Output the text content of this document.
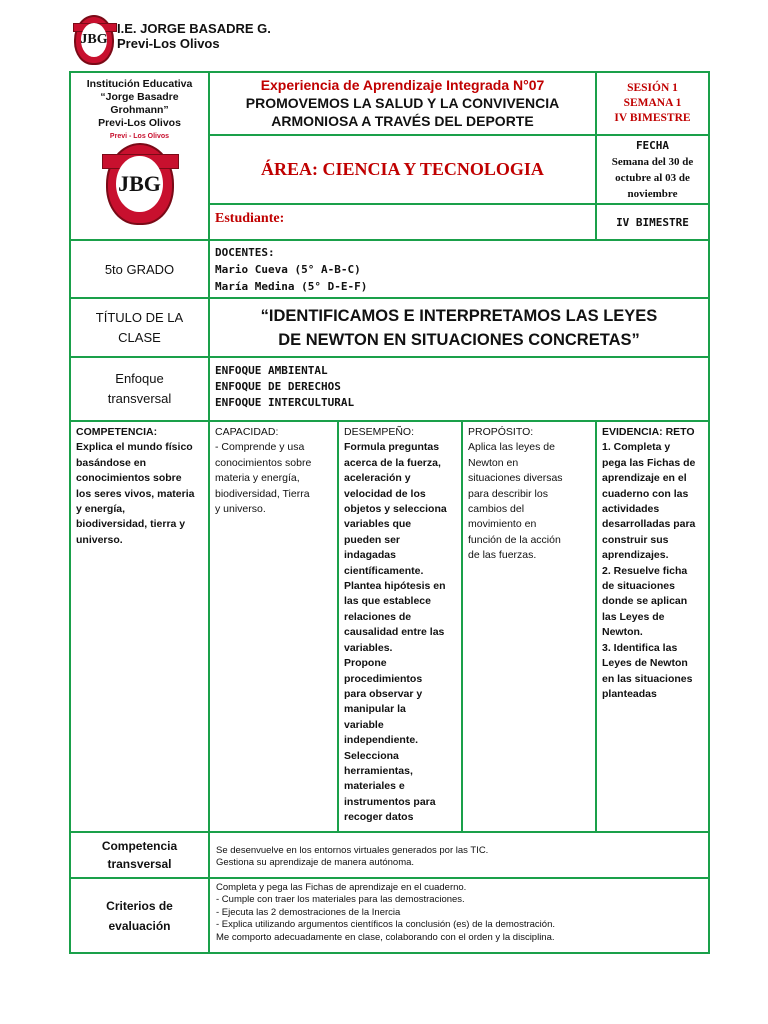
JBG
I.E. JORGE BASADRE G.
Previ-Los Olivos
Institución Educativa
“Jorge Basadre Grohmann”
Previ-Los Olivos
Previ - Los Olivos
JBG
Experiencia de Aprendizaje Integrada N°07
PROMOVEMOS LA SALUD Y LA CONVIVENCIA
ARMONIOSA A TRAVÉS DEL DEPORTE
SESIÓN 1
SEMANA 1
IV BIMESTRE
ÁREA: CIENCIA Y TECNOLOGIA
FECHA
Semana del 30 de
octubre al 03 de
noviembre
Estudiante:	IV BIMESTRE
5to GRADO
DOCENTES:
Mario Cueva (5° A-B-C)
María Medina (5° D-E-F)
TÍTULO DE LA
CLASE
“IDENTIFICAMOS E INTERPRETAMOS LAS LEYES
DE NEWTON EN SITUACIONES CONCRETAS”
Enfoque
transversal
ENFOQUE AMBIENTAL
ENFOQUE DE DERECHOS
ENFOQUE INTERCULTURAL
COMPETENCIA:
Explica el mundo físico
basándose en
conocimientos sobre
los seres vivos, materia
y energía,
biodiversidad, tierra y
universo.
CAPACIDAD:
- Comprende y usa
conocimientos sobre
materia y energía,
biodiversidad, Tierra
y universo.
DESEMPEÑO:
Formula preguntas
acerca de la fuerza,
aceleración y
velocidad de los
objetos y selecciona
variables que
pueden ser
indagadas
científicamente.
Plantea hipótesis en
las que establece
relaciones de
causalidad entre las
variables.
Propone
procedimientos
para observar y
manipular la
variable
independiente.
Selecciona
herramientas,
materiales e
instrumentos para
recoger datos
PROPÓSITO:
Aplica las leyes de
Newton en
situaciones diversas
para describir los
cambios del
movimiento en
función de la acción
de las fuerzas.
EVIDENCIA: RETO
1. Completa y
pega las Fichas de
aprendizaje en el
cuaderno con las
actividades
desarrolladas para
construir sus
aprendizajes.
2. Resuelve ficha
de situaciones
donde se aplican
las Leyes de
Newton.
3. Identifica las
Leyes de Newton
en las situaciones
planteadas
Competencia
transversal
Se desenvuelve en los entornos virtuales generados por las TIC.
Gestiona su aprendizaje de manera autónoma.
Criterios de
evaluación
Completa y pega las Fichas de aprendizaje en el cuaderno.
- Cumple con traer los materiales para las demostraciones.
- Ejecuta las 2 demostraciones de la Inercia
- Explica utilizando argumentos científicos la conclusión (es) de la demostración.
Me comporto adecuadamente en clase, colaborando con el orden y la disciplina.
